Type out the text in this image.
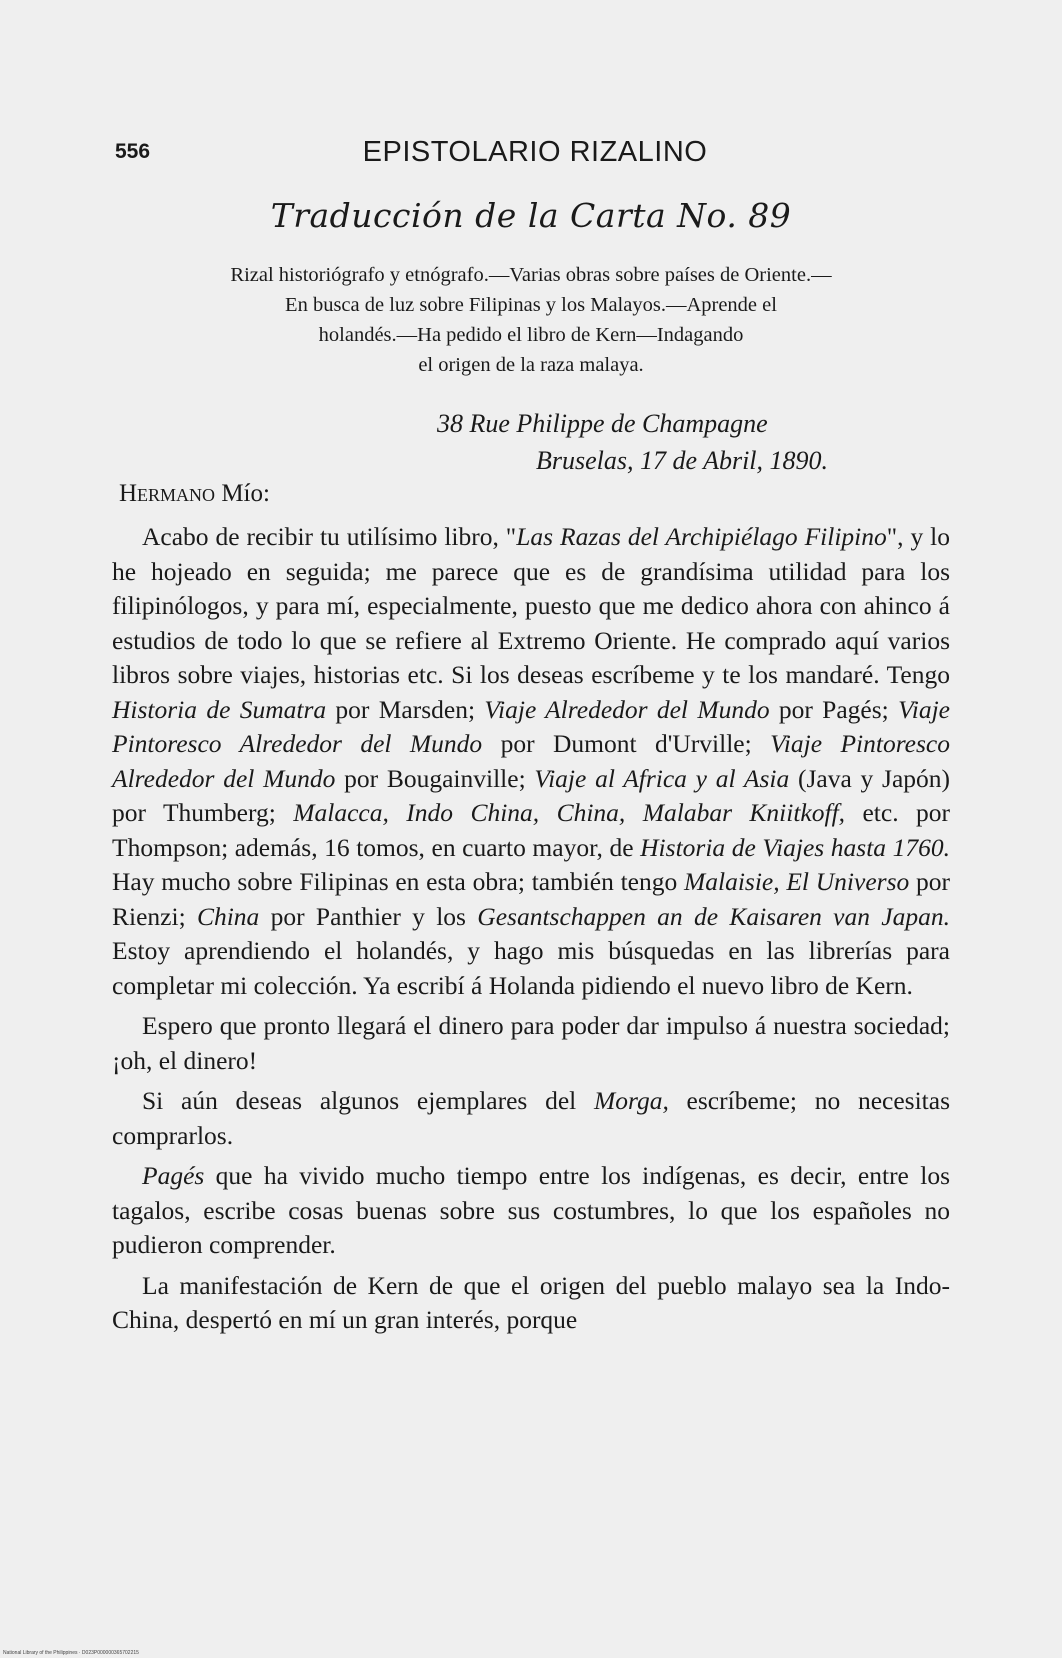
556	EPISTOLARIO RIZALINO
Traducción de la Carta No. 89
Rizal historiógrafo y etnógrafo.—Varias obras sobre países de Oriente.—
En busca de luz sobre Filipinas y los Malayos.—Aprende el
holandés.—Ha pedido el libro de Kern—Indagando
el origen de la raza malaya.
38 Rue Philippe de Champagne
Bruselas, 17 de Abril, 1890.
Hermano Mío:

Acabo de recibir tu utilísimo libro, "Las Razas del Archipiélago Filipino", y lo he hojeado en seguida; me parece que es de grandísima utilidad para los filipinólogos, y para mí, especialmente, puesto que me dedico ahora con ahinco á estudios de todo lo que se refiere al Extremo Oriente. He comprado aquí varios libros sobre viajes, historias etc. Si los deseas escríbeme y te los mandaré. Tengo Historia de Sumatra por Marsden; Viaje Alrededor del Mundo por Pagés; Viaje Pintoresco Alrededor del Mundo por Dumont d'Urville; Viaje Pintoresco Alrededor del Mundo por Bougainville; Viaje al Africa y al Asia (Java y Japón) por Thumberg; Malacca, Indo China, China, Malabar Kniitkoff, etc. por Thompson; además, 16 tomos, en cuarto mayor, de Historia de Viajes hasta 1760. Hay mucho sobre Filipinas en esta obra; también tengo Malaisie, El Universo por Rienzi; China por Panthier y los Gesantschappen an de Kaisaren van Japan. Estoy aprendiendo el holandés, y hago mis búsquedas en las librerías para completar mi colección. Ya escribí á Holanda pidiendo el nuevo libro de Kern.

Espero que pronto llegará el dinero para poder dar impulso á nuestra sociedad; ¡oh, el dinero!

Si aún deseas algunos ejemplares del Morga, escríbeme; no necesitas comprarlos.

Pagés que ha vivido mucho tiempo entre los indígenas, es decir, entre los tagalos, escribe cosas buenas sobre sus costumbres, lo que los españoles no pudieron comprender.

La manifestación de Kern de que el origen del pueblo malayo sea la Indo-China, despertó en mí un gran interés, porque

National Library of the Philippines · D023P000000365702215
